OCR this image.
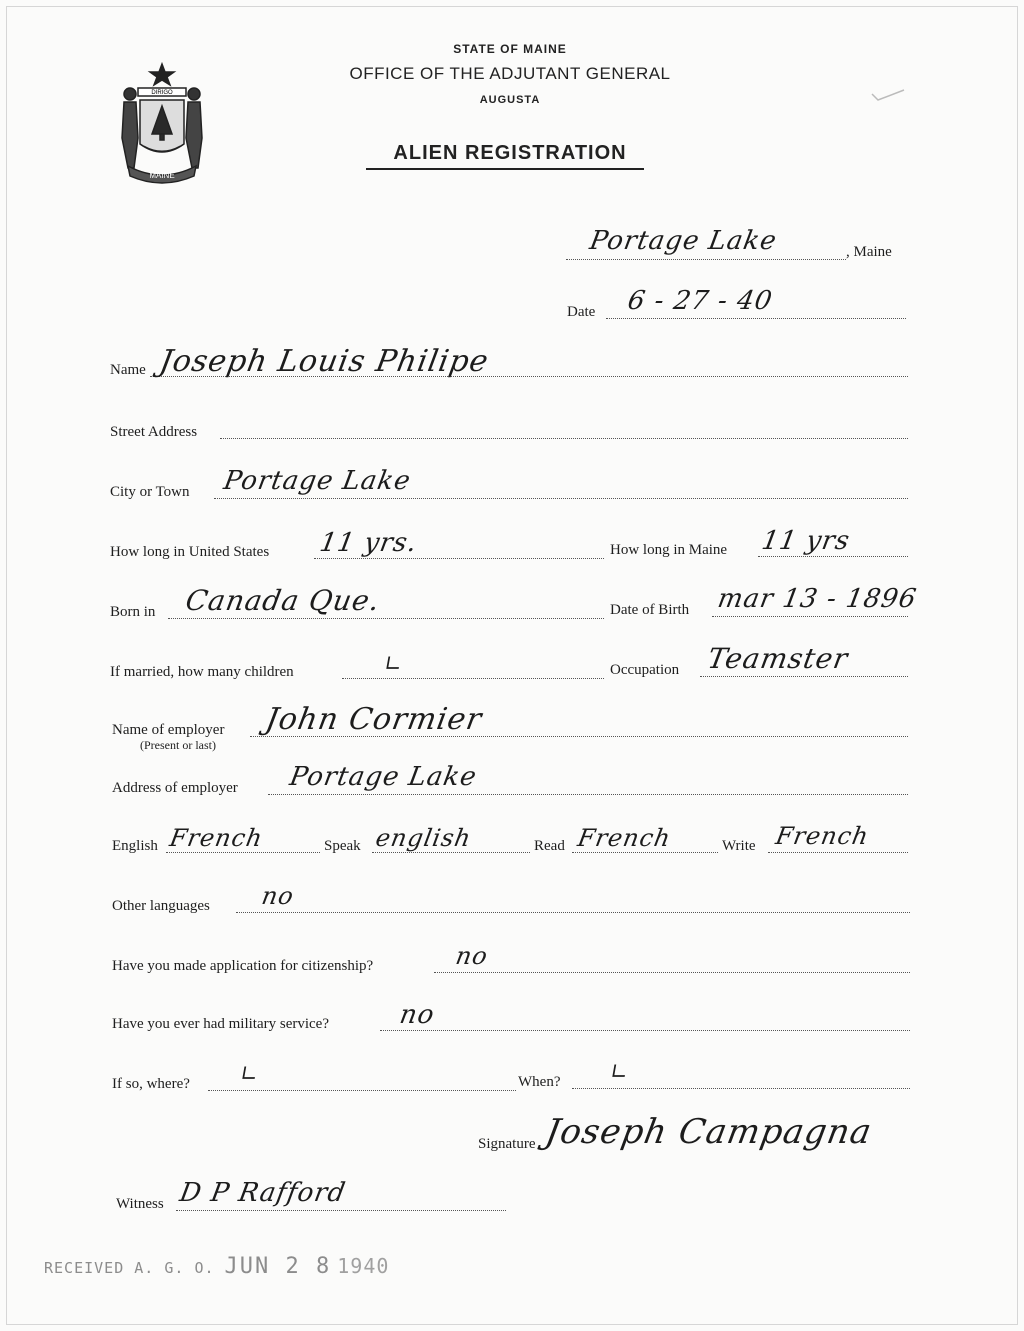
DIRIGO
MAINE
STATE OF MAINE
OFFICE OF THE ADJUTANT GENERAL
AUGUSTA
ALIEN REGISTRATION
Portage Lake	, Maine
Date 6 - 27 - 40
Name Joseph Louis Philipe
Street Address
City or Town Portage Lake
How long in United States 11 yrs.	How long in Maine 11 yrs
Born in Canada Que.	Date of Birth mar 13 - 1896
If married, how many children	∟	Occupation Teamster
Name of employer
(Present or last)
John Cormier
Address of employer Portage Lake
English French	Speak english	Read French	Write French
Other languages no
Have you made application for citizenship?	no
Have you ever had military service?	no
If so, where? ∟	When? ∟
Signature Joseph Campagna
Witness D P Rafford
RECEIVED A. G. O. JUN 2 8 1940
